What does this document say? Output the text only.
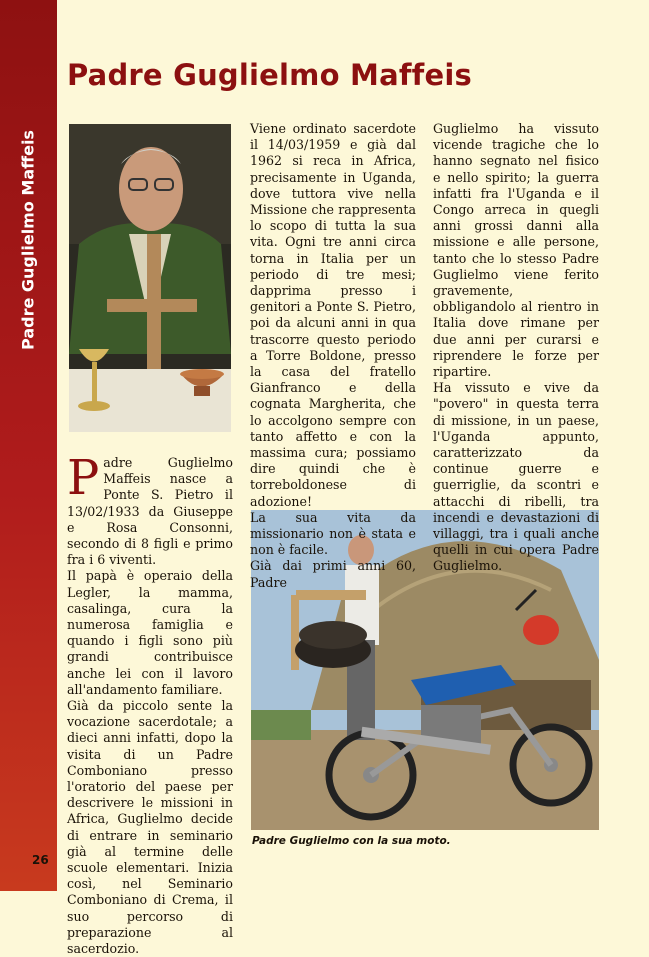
Padre Guglielmo Maffeis
Padre Guglielmo Maffeis

Padre Guglielmo Maffeis nasce a Ponte S. Pietro il 13/02/1933 da Giuseppe e Rosa Consonni, secondo di 8 figli e primo fra i 6 viventi.

Il papà è operaio della Legler, la mamma, casalinga, cura la numerosa famiglia e quando i figli sono più grandi contribuisce anche lei con il lavoro all'andamento familiare.

Già da piccolo sente la vocazione sacerdotale; a dieci anni infatti, dopo la visita di un Padre Comboniano presso l'oratorio del paese per descrivere le missioni in Africa, Guglielmo decide di entrare in seminario già al termine delle scuole elementari. Inizia così, nel Seminario Comboniano di Crema, il suo percorso di preparazione al sacerdozio.

Viene ordinato sacerdote il 14/03/1959 e già dal 1962 si reca in Africa, precisamente in Uganda, dove tuttora vive nella Missione che rappresenta lo scopo di tutta la sua vita. Ogni tre anni circa torna in Italia per un periodo di tre mesi; dapprima presso i genitori a Ponte S. Pietro, poi da alcuni anni in qua trascorre questo periodo a Torre Boldone, presso la casa del fratello Gianfranco e della cognata Margherita, che lo accolgono sempre con tanto affetto e con la massima cura; possiamo dire quindi che è torreboldonese di adozione!

La sua vita da missionario non è stata e non è facile.

Già dai primi anni 60, Padre

Guglielmo ha vissuto vicende tragiche che lo hanno segnato nel fisico e nello spirito; la guerra infatti fra l'Uganda e il Congo arreca in quegli anni grossi danni alla missione e alle persone, tanto che lo stesso Padre Guglielmo viene ferito gravemente, obbligandolo al rientro in Italia dove rimane per due anni per curarsi e riprendere le forze per ripartire.

Ha vissuto e vive da "povero" in questa terra di missione, in un paese, l'Uganda appunto, caratterizzato da continue guerre e guerriglie, da scontri e attacchi di ribelli, tra incendi e devastazioni di villaggi, tra i quali anche quelli in cui opera Padre Guglielmo.

Padre Guglielmo con la sua moto.
26
